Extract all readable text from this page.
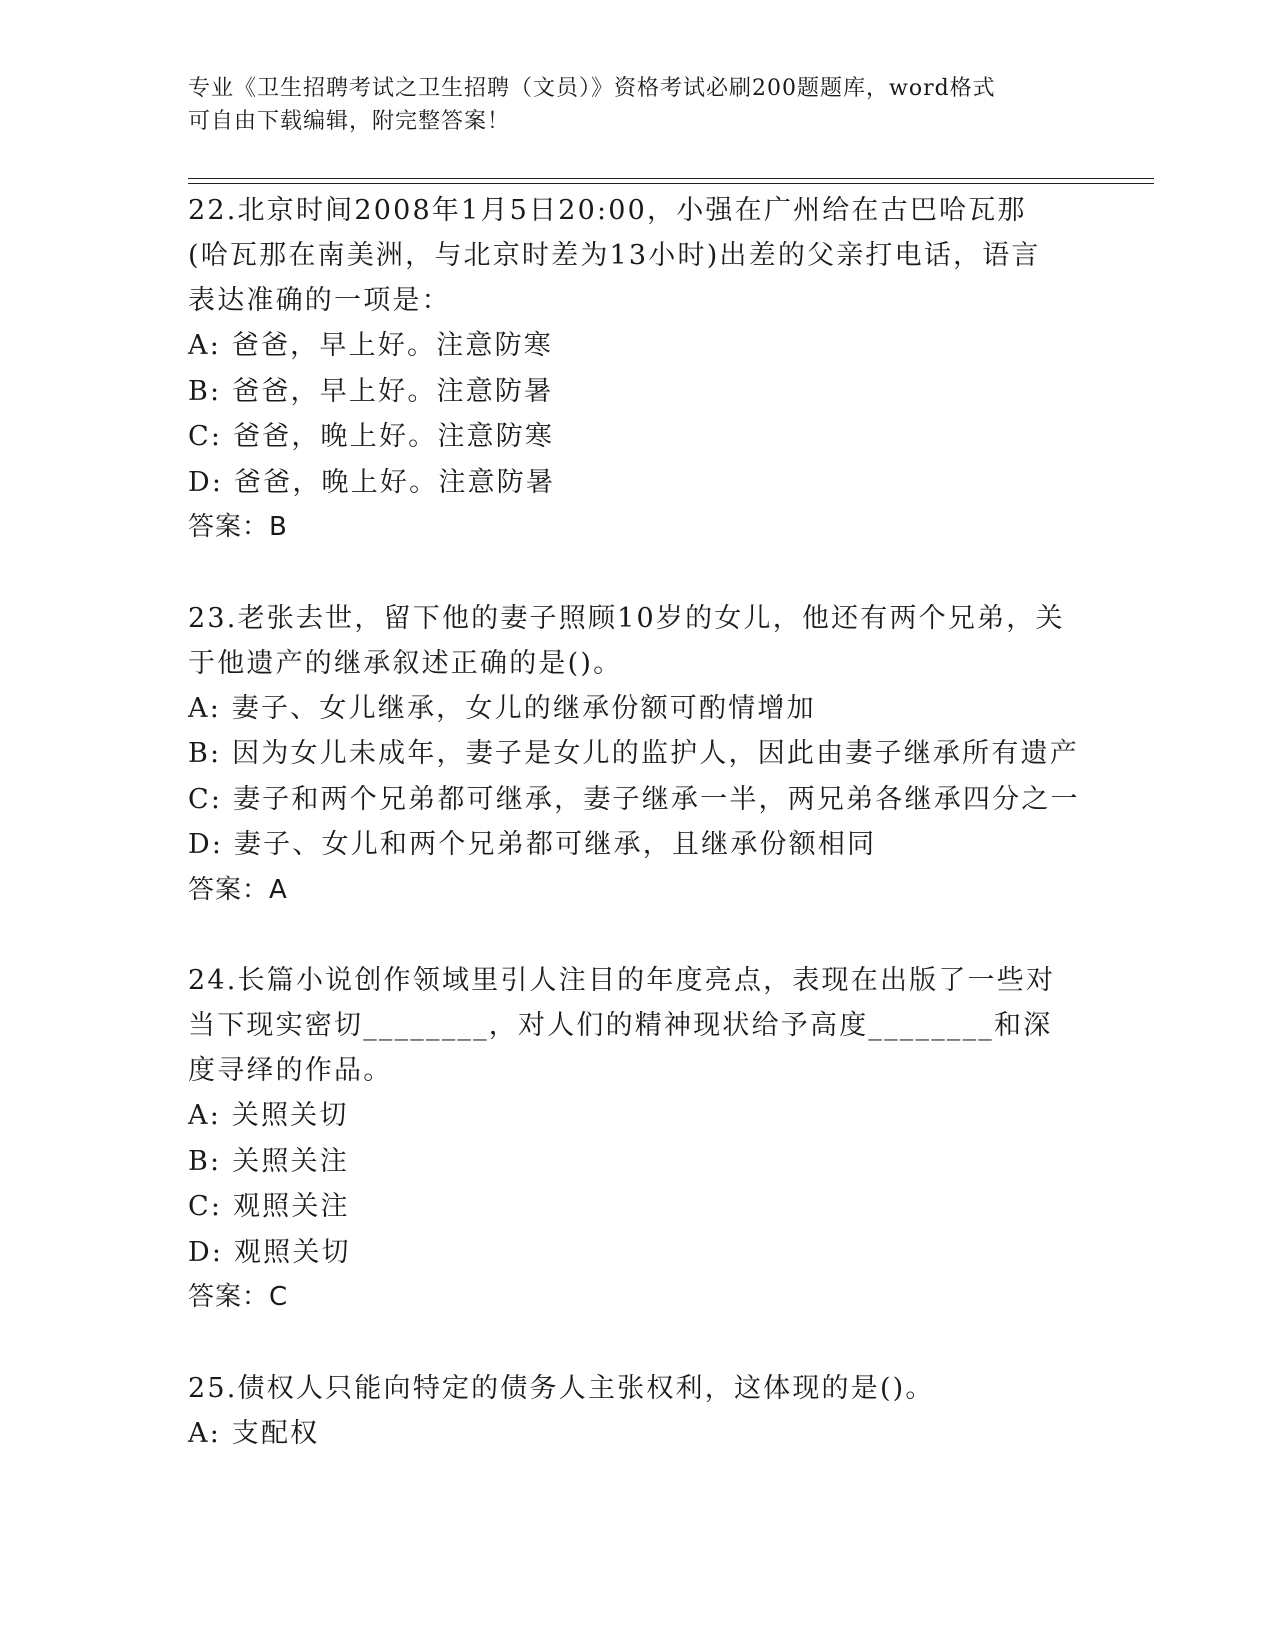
专业《卫生招聘考试之卫生招聘（文员）》资格考试必刷200题题库，word格式
可自由下载编辑，附完整答案！
22.北京时间2008年1月5日20:00，小强在广州给在古巴哈瓦那(哈瓦那在南美洲，与北京时差为13小时)出差的父亲打电话，语言表达准确的一项是：
A: 爸爸，早上好。注意防寒
B: 爸爸，早上好。注意防暑
C: 爸爸，晚上好。注意防寒
D: 爸爸，晚上好。注意防暑
答案：B
23.老张去世，留下他的妻子照顾10岁的女儿，他还有两个兄弟，关于他遗产的继承叙述正确的是()。
A: 妻子、女儿继承，女儿的继承份额可酌情增加
B: 因为女儿未成年，妻子是女儿的监护人，因此由妻子继承所有遗产
C: 妻子和两个兄弟都可继承，妻子继承一半，两兄弟各继承四分之一
D: 妻子、女儿和两个兄弟都可继承，且继承份额相同
答案：A
24.长篇小说创作领域里引人注目的年度亮点，表现在出版了一些对当下现实密切________，对人们的精神现状给予高度________和深度寻绎的作品。
A: 关照关切
B: 关照关注
C: 观照关注
D: 观照关切
答案：C
25.债权人只能向特定的债务人主张权利，这体现的是()。
A: 支配权
